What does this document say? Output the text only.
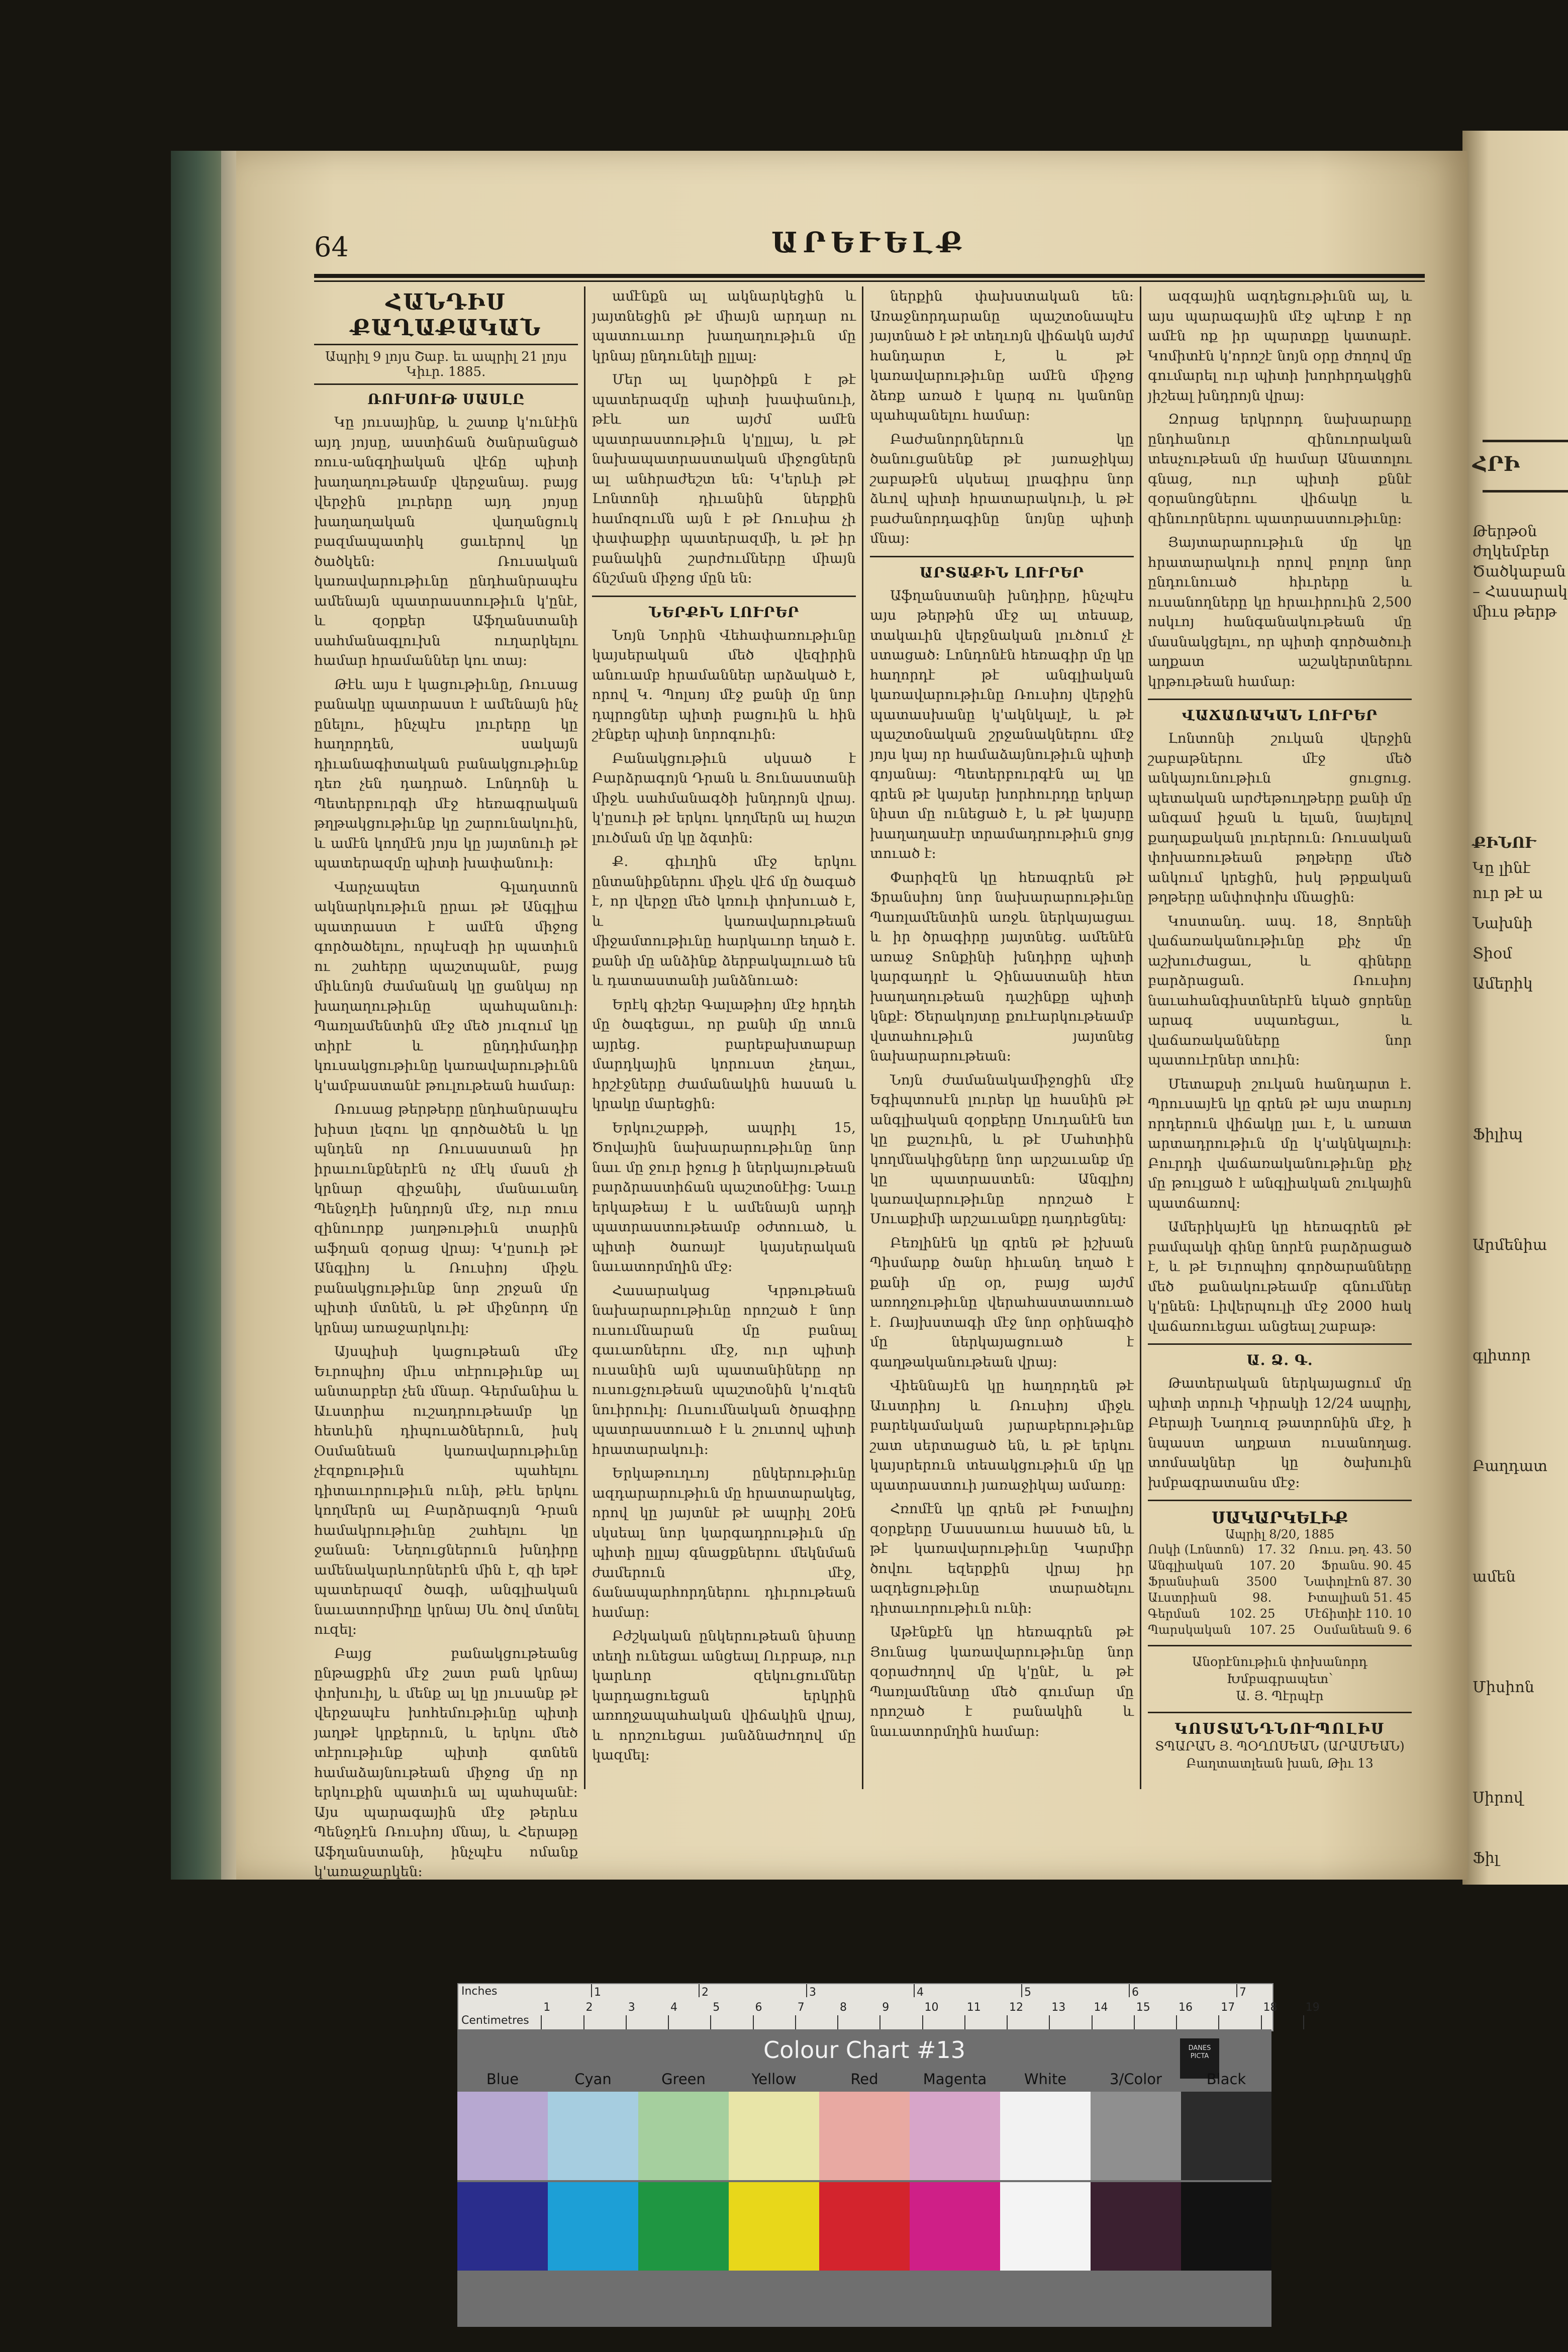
ՀՐԻ
Թերթօն
ժղկեմբեր
Ծածկաբան
– Հասարակ
միւս թերթ
ՔԻՆՈՒ
Կը լինէ
ուր թէ ա
Նախնի
Տիօմ
Ամերիկ
Ֆիլիպ
Արմենիա
գլիտոր
Բաղդատ
ամեն
Միսիոն
Սիրով
Ֆիլ
ԱՐԵՒԵԼՔ
64
ՀԱՆԴԻՍ ՔԱՂԱՔԱԿԱՆ
Ապրիլ 9 լոյս Շաբ. եւ ապրիլ 21 լոյս Կիւր. 1885.
ՌՈՒՍՈՒԹ ՍԱՍԼԸ

Կը յուսայինք, և շատք կ'ունէին այդ յոյսը, աստիճան ծանրանցած ռուս-անգղիական վէճը պիտի խաղաղութեամբ վերջանայ․ բայց վերջին լուրերը այդ յոյսը խաղաղական վաղանցուկ բազմապատիկ ցաւերով կը ծածկեն։ Ռուսական կառավարութիւնը ընդհանրապէս ամենայն պատրաստութիւն կ'ընէ, և զօրքեր Աֆղանստանի սահմանագլուխն ուղարկելու համար հրամաններ կու տայ։

Թէև այս է կացութիւնը, Ռուսաց բանակը պատրաստ է ամենայն ինչ ընելու, ինչպէս լուրերը կը հաղորդեն, սակայն դիւանագիտական բանակցութիւնք դեռ չեն դադրած․ Լոնդոնի և Պետերբուրգի մէջ հեռագրական թղթակցութիւնք կը շարունակուին, և ամէն կողմէն յոյս կը յայտնուի թէ պատերազմը պիտի խափանուի։

Վարչապետ Գլադստոն ակնարկութիւն ըրաւ թէ Անգլիա պատրաստ է ամէն միջոց գործածելու, որպէսզի իր պատիւն ու շահերը պաշտպանէ, բայց միևնոյն ժամանակ կը ցանկայ որ խաղաղութիւնը պահպանուի։ Պառլամենտին մէջ մեծ յուզում կը տիրէ և ընդդիմադիր կուսակցութիւնը կառավարութիւնն կ'ամբաստանէ թուլութեան համար։

Ռուսաց թերթերը ընդհանրապէս խիստ լեզու կը գործածեն և կը պնդեն որ Ռուսաստան իր իրաւունքներէն ոչ մէկ մասն չի կրնար զիջանիլ, մանաւանդ Պենջդէի խնդրոյն մէջ, ուր ռուս զինուորք յաղթութիւն տարին աֆղան զօրաց վրայ։ Կ'ըսուի թէ Անգլիոյ և Ռուսիոյ միջև բանակցութիւնք նոր շրջան մը պիտի մտնեն, և թէ միջնորդ մը կրնայ առաջարկուիլ։

Այսպիսի կացութեան մէջ Եւրոպիոյ միւս տէրութիւնք ալ անտարբեր չեն մնար․ Գերմանիա և Աւստրիա ուշադրութեամբ կը հետևին դիպուածներուն, իսկ Օսմանեան կառավարութիւնը չէզոքութիւն պահելու դիտաւորութիւն ունի, թէև երկու կողմերն ալ Բարձրագոյն Դրան համակրութիւնը շահելու կը ջանան։ Նեղուցներուն խնդիրը ամենակարևորներէն մին է, զի եթէ պատերազմ ծագի, անգլիական նաւատորմիղը կրնայ Սև ծով մտնել ուզել։

Բայց բանակցութեանց ընթացքին մէջ շատ բան կրնայ փոխուիլ, և մենք ալ կը յուսանք թէ վերջապէս խոհեմութիւնը պիտի յաղթէ կրքերուն, և երկու մեծ տէրութիւնք պիտի գտնեն համաձայնութեան միջոց մը որ երկուքին պատիւն ալ պահպանէ։ Այս պարագային մէջ թերևս Պենջդէն Ռուսիոյ մնայ, և Հերաթը Աֆղանստանի, ինչպէս ոմանք կ'առաջարկեն։

ամէնքն ալ ակնարկեցին և յայտնեցին թէ միայն արդար ու պատուաւոր խաղաղութիւն մը կրնայ ընդունելի ըլլալ։

Մեր ալ կարծիքն է թէ պատերազմը պիտի խափանուի, թէև առ այժմ ամէն պատրաստութիւն կ'ըլլայ, և թէ նախապատրաստական միջոցներն ալ անհրաժեշտ են։ Կ'երևի թէ Լոնտոնի դիւանին ներքին համոզումն այն է թէ Ռուսիա չի փափաքիր պատերազմի, և թէ իր բանակին շարժումները միայն ճնշման միջոց մըն են։

ՆԵՐՔԻՆ ԼՈՒՐԵՐ

Նոյն Նորին Վեհափառութիւնը կայսերական մեծ վեզիրին անուամբ հրամաններ արձակած է, որով Կ․ Պոլսոյ մէջ քանի մը նոր դպրոցներ պիտի բացուին և հին շէնքեր պիտի նորոգուին։

Բանակցութիւն սկսած է Բարձրագոյն Դրան և Յունաստանի միջև սահմանագծի խնդրոյն վրայ․ կ'ըսուի թէ երկու կողմերն ալ հաշտ լուծման մը կը ձգտին։

Ք․ գիւղին մէջ երկու ընտանիքներու միջև վէճ մը ծագած է, որ վերջը մեծ կռուի փոխուած է, և կառավարութեան միջամտութիւնը հարկաւոր եղած է․ քանի մը անձինք ձերբակալուած են և դատաստանի յանձնուած։

Երէկ գիշեր Գալաթիոյ մէջ հրդեհ մը ծագեցաւ, որ քանի մը տուն այրեց․ բարեբախտաբար մարդկային կորուստ չեղաւ, հրշէջները ժամանակին հասան և կրակը մարեցին։

Երկուշաբթի, ապրիլ 15, Ծովային նախարարութիւնը նոր նաւ մը ջուր իջուց ի ներկայութեան բարձրաստիճան պաշտօնէից։ Նաւը երկաթեայ է և ամենայն արդի պատրաստութեամբ օժտուած, և պիտի ծառայէ կայսերական նաւատորմղին մէջ։

Հասարակաց Կրթութեան նախարարութիւնը որոշած է նոր ուսումնարան մը բանալ գաւառներու մէջ, ուր պիտի ուսանին այն պատանիները որ ուսուցչութեան պաշտօնին կ'ուզեն նուիրուիլ։ Ուսումնական ծրագիրը պատրաստուած է և շուտով պիտի հրատարակուի։

Երկաթուղւոյ ընկերութիւնը ազդարարութիւն մը հրատարակեց, որով կը յայտնէ թէ ապրիլ 20էն սկսեալ նոր կարգադրութիւն մը պիտի ըլլայ գնացքներու մեկնման ժամերուն մէջ, ճանապարհորդներու դիւրութեան համար։

Բժշկական ընկերութեան նիստը տեղի ունեցաւ անցեալ Ուրբաթ, ուր կարևոր զեկուցումներ կարդացուեցան երկրին առողջապահական վիճակին վրայ, և որոշուեցաւ յանձնաժողով մը կազմել։

ներքին փախստական են։ Առաջնորդարանը պաշտօնապէս յայտնած է թէ տեղւոյն վիճակն այժմ հանդարտ է, և թէ կառավարութիւնը ամէն միջոց ձեռք առած է կարգ ու կանոնը պահպանելու համար։

Բաժանորդներուն կը ծանուցանենք թէ յառաջիկայ շաբաթէն սկսեալ լրագիրս նոր ձևով պիտի հրատարակուի, և թէ բաժանորդագինը նոյնը պիտի մնայ։

ԱՐՏԱՔԻՆ ԼՈՒՐԵՐ

Աֆղանստանի խնդիրը, ինչպէս այս թերթին մէջ ալ տեսաք, տակաւին վերջնական լուծում չէ ստացած։ Լոնդոնէն հեռագիր մը կը հաղորդէ թէ անգլիական կառավարութիւնը Ռուսիոյ վերջին պատասխանը կ'ակնկալէ, և թէ պաշտօնական շրջանակներու մէջ յոյս կայ որ համաձայնութիւն պիտի գոյանայ։ Պետերբուրգէն ալ կը գրեն թէ կայսեր խորհուրդը երկար նիստ մը ունեցած է, և թէ կայսրը խաղաղասէր տրամադրութիւն ցոյց տուած է։

Փարիզէն կը հեռագրեն թէ Ֆրանսիոյ նոր նախարարութիւնը Պառլամենտին առջև ներկայացաւ և իր ծրագիրը յայտնեց․ ամենէն առաջ Տոնքինի խնդիրը պիտի կարգադրէ և Չինաստանի հետ խաղաղութեան դաշինքը պիտի կնքէ։ Ծերակոյտը քուէարկութեամբ վստահութիւն յայտնեց նախարարութեան։

Նոյն ժամանակամիջոցին մէջ Եգիպտոսէն լուրեր կը հասնին թէ անգլիական զօրքերը Սուդանէն ետ կը քաշուին, և թէ Մահտիին կողմնակիցները նոր արշաւանք մը կը պատրաստեն։ Անգլիոյ կառավարութիւնը որոշած է Սուաքիմի արշաւանքը դադրեցնել։

Բեռլինէն կը գրեն թէ իշխան Պիսմարք ծանր հիւանդ եղած է քանի մը օր, բայց այժմ առողջութիւնը վերահաստատուած է․ Ռայխստագի մէջ նոր օրինագիծ մը ներկայացուած է գաղթականութեան վրայ։

Վիեննայէն կը հաղորդեն թէ Աւստրիոյ և Ռուսիոյ միջև բարեկամական յարաբերութիւնք շատ սերտացած են, և թէ երկու կայսրերուն տեսակցութիւն մը կը պատրաստուի յառաջիկայ ամառը։

Հռոմէն կը գրեն թէ Իտալիոյ զօրքերը Մասսաուա հասած են, և թէ կառավարութիւնը Կարմիր ծովու եզերքին վրայ իր ազդեցութիւնը տարածելու դիտաւորութիւն ունի։

Աթէնքէն կը հեռագրեն թէ Յունաց կառավարութիւնը նոր զօրաժողով մը կ'ընէ, և թէ Պառլամենտը մեծ գումար մը որոշած է բանակին և նաւատորմղին համար։

ազգային ազդեցութիւնն ալ, և այս պարագային մէջ պէտք է որ ամէն ոք իր պարտքը կատարէ․ Կոմիտէն կ'որոշէ նոյն օրը ժողով մը գումարել ուր պիտի խորհրդակցին յիշեալ խնդրոյն վրայ։

Զորաց երկրորդ նախարարը ընդհանուր զինուորական տեսչութեան մը համար Անատոլու գնաց, ուր պիտի քննէ զօրանոցներու վիճակը և զինուորներու պատրաստութիւնը։

Յայտարարութիւն մը կը հրատարակուի որով բոլոր նոր ընդունուած հիւրերը և ուսանողները կը հրաւիրուին 2,500 ոսկւոյ հանգանակութեան մը մասնակցելու, որ պիտի գործածուի աղքատ աշակերտներու կրթութեան համար։

ՎԱՃԱՌԱԿԱՆ ԼՈՒՐԵՐ

Լոնտոնի շուկան վերջին շաբաթներու մէջ մեծ անկայունութիւն ցուցուց․ պետական արժեթուղթերը քանի մը անգամ իջան և ելան, նայելով քաղաքական լուրերուն։ Ռուսական փոխառութեան թղթերը մեծ անկում կրեցին, իսկ թրքական թղթերը անփոփոխ մնացին։

Կոստանդ. ապ. 18, Ցորենի վաճառականութիւնը քիչ մը աշխուժացաւ, և գիները բարձրացան․ Ռուսիոյ նաւահանգիստներէն եկած ցորենը արագ սպառեցաւ, և վաճառականները նոր պատուէրներ տուին։

Մետաքսի շուկան հանդարտ է․ Պրուսայէն կը գրեն թէ այս տարւոյ որդերուն վիճակը լաւ է, և առատ արտադրութիւն մը կ'ակնկալուի։ Բուրդի վաճառականութիւնը քիչ մը թուլցած է անգլիական շուկային պատճառով։

Ամերիկայէն կը հեռագրեն թէ բամպակի գինը նորէն բարձրացած է, և թէ Եւրոպիոյ գործարանները մեծ քանակութեամբ գնումներ կ'ընեն։ Լիվերպուլի մէջ 2000 հակ վաճառուեցաւ անցեալ շաբաթ։

Ա. Ձ. Գ.

Թատերական ներկայացում մը պիտի տրուի Կիրակի 12/24 ապրիլ, Բերայի Նաղուզ թատրոնին մէջ, ի նպաստ աղքատ ուսանողաց. տոմսակներ կը ծախուին խմբագրատանս մէջ։

ՍԱԿԱՐԿԵԼԻՔ
Ապրիլ 8/20, 1885
Ոսկի (Լոնտոն) 17. 32 Ռուս. թղ. 43. 50
Անգլիական 107. 20 Ֆրանս. 90. 45
Ֆրանսիան 3500 Նափոլէոն 87. 30
Աւստրիան	98.	Իտալիան 51. 45
Գերման 102. 25 Մէճիտիէ 110. 10
Պարսկական 107. 25 Օսմանեան 9. 6
Անօրէնութիւն փոխանորդ Խմբագրապետ՝
Ա. Յ. Պէրպէր
ԿՈՍՏԱՆԴՆՈՒՊՈԼԻՍ
ՏՊԱՐԱՆ Յ. ՊՕՂՈՍԵԱՆ (ԱՐԱՄԵԱՆ)
Բաղտատլեան խան, Թիւ 13
Inches
Centimetres
1	2	3	4	5	6	7
1	2	3	4	5	6	7	8	9	10	11	12	13	14	15	16	17	18	19
Colour Chart #13	DANES PICTA
Blue	Cyan	Green	Yellow	Red	Magenta	White	3/Color	Black
